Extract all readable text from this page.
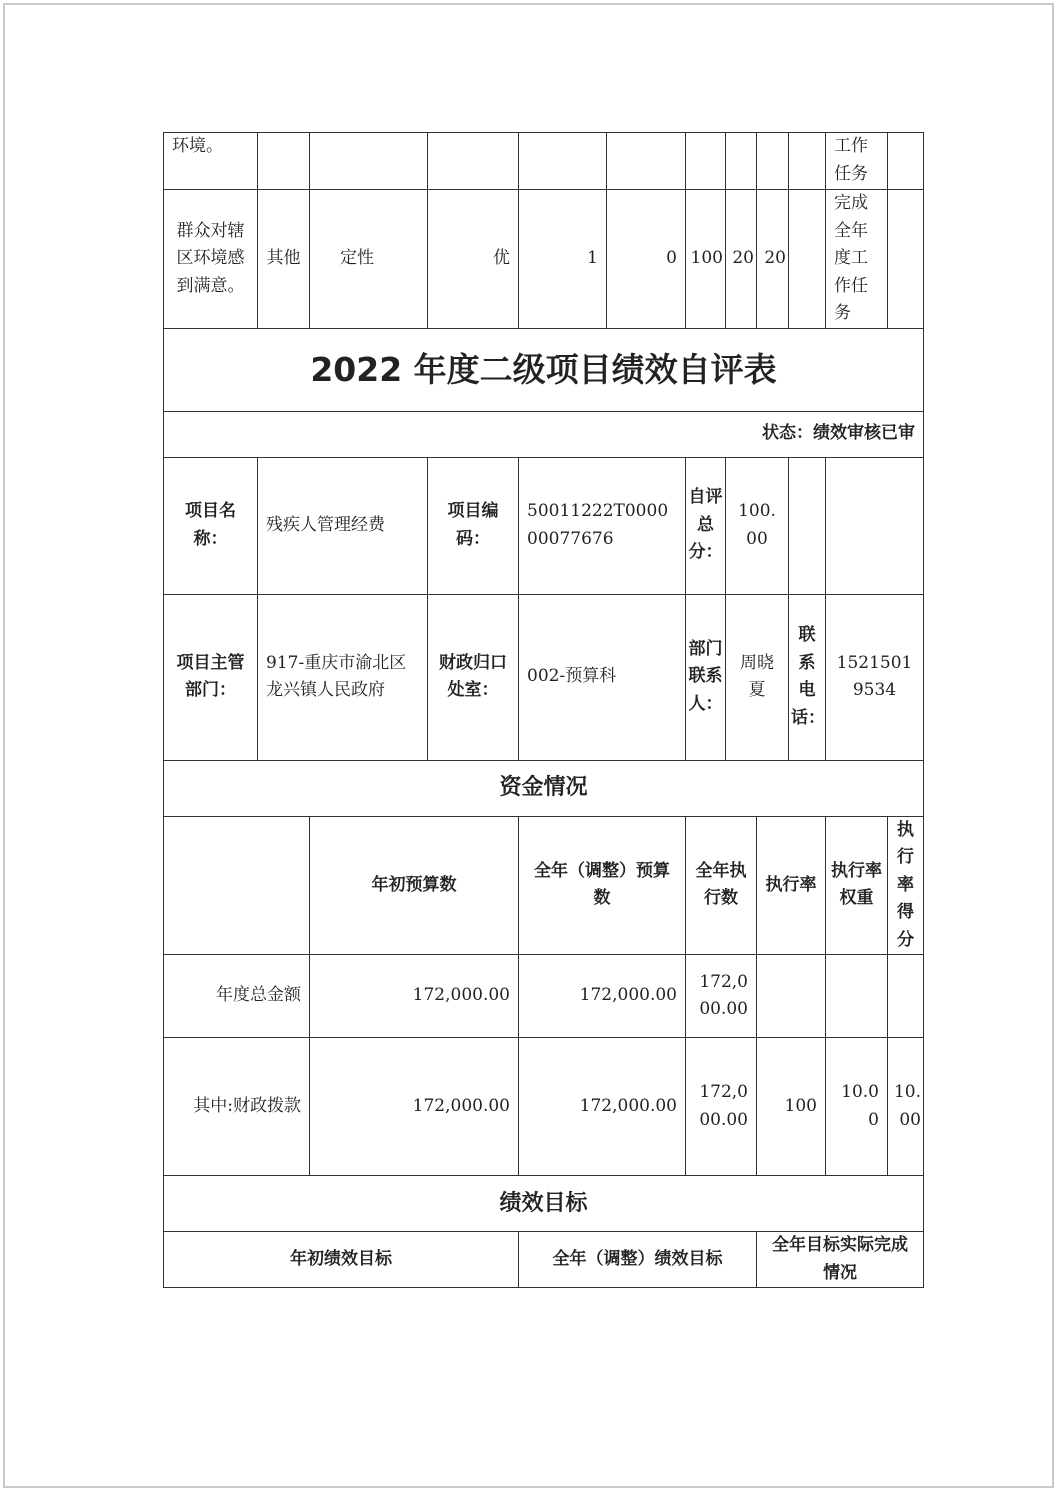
环境。										工作任务	
群众对辖区环境感到满意。	其他	定性	优	1	0	100	20	20		完成全年度工作任务	
2022 年度二级项目绩效自评表											
状态：绩效审核已审											
项目名称：	残疾人管理经费		项目编码：	50011222T000000077676		自评总分：	100.00				
项目主管部门：	917-重庆市渝北区龙兴镇人民政府		财政归口处室：	002-预算科		部门联系人：	周晓夏		联系电话：	15215019534	
资金情况											
		年初预算数		全年（调整）预算数		全年执行数		执行率		执行率权重	执行率得分
年度总金额		172,000.00		172,000.00		172,000.00					
其中:财政拨款		172,000.00		172,000.00		172,000.00		100		10.00	10.00
绩效目标											
年初绩效目标				全年（调整）绩效目标				全年目标实际完成情况			
